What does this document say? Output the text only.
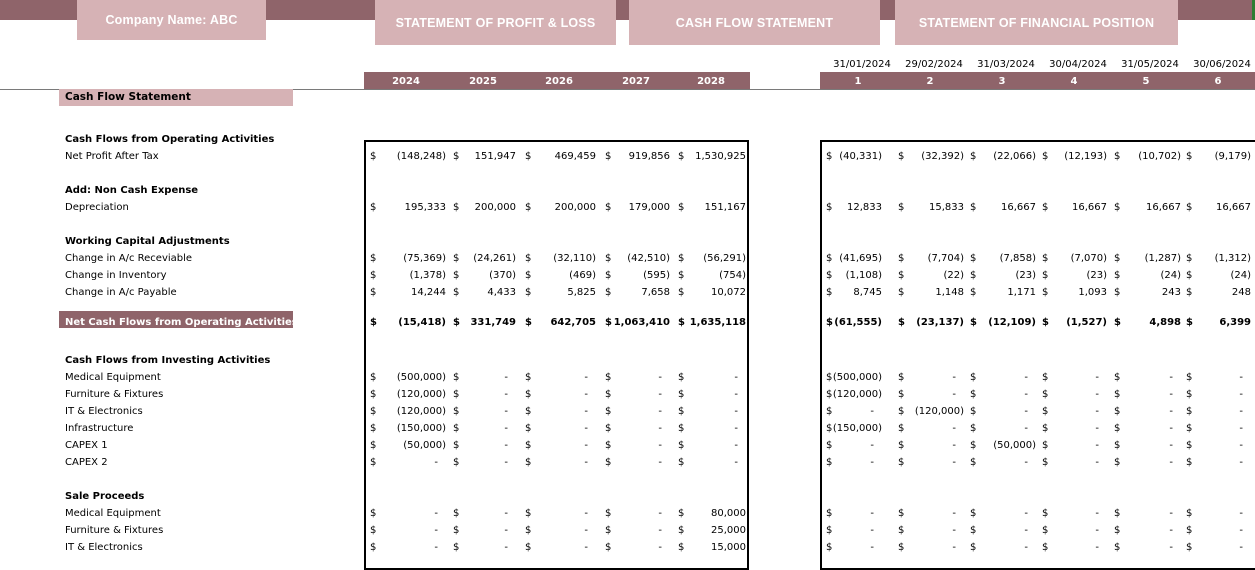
Company Name: ABC	STATEMENT OF PROFIT & LOSS	CASH FLOW STATEMENT	STATEMENT OF FINANCIAL POSITION
31/01/2024	29/02/2024	31/03/2024	30/04/2024	31/05/2024	30/06/2024
2024	2025	2026	2027	2028	1	2	3	4	5	6
Cash Flow Statement
Cash Flows from Operating Activities
Net Profit After Tax	$ (148,248) $ 151,947 $ 469,459 $ 919,856 $ 1,530,925	$ (40,331) $ (32,392) $ (22,066) $ (12,193) $ (10,702) $ (9,179)
Add: Non Cash Expense
Depreciation	$	195,333 $ 200,000 $ 200,000 $ 179,000 $ 151,167	$ 12,833 $ 15,833 $ 16,667 $ 16,667 $	16,667 $ 16,667
Working Capital Adjustments
Change in A/c Receviable	$	(75,369) $ (24,261) $ (32,110) $ (42,510) $ (56,291)	$ (41,695) $ (7,704) $ (7,858) $ (7,070) $ (1,287) $ (1,312)
Change in Inventory	$	(1,378) $	(370) $	(469) $	(595) $	(754)	$ (1,108) $	(22) $	(23) $	(23) $	(24) $	(24)
Change in A/c Payable	$	14,244 $	4,433 $	5,825 $	7,658 $	10,072	$ 8,745 $	1,148 $	1,171 $	1,093 $	243 $	248
Net Cash Flows from Operating Activities	$ (15,418) $ 331,749 $ 642,705 $ 1,063,410 $ 1,635,118	$ (61,555) $ (23,137) $ (12,109) $ (1,527) $	4,898 $	6,399
Cash Flows from Investing Activities
Medical Equipment	$ (500,000) $	- $	- $	- $	-	$ (500,000) $	- $	- $	- $	- $	-
Furniture & Fixtures	$ (120,000) $	- $	- $	- $	-	$ (120,000) $	- $	- $	- $	- $	-
IT & Electronics	$ (120,000) $	- $	- $	- $	-	$	- $ (120,000) $	- $	- $	- $	-
Infrastructure	$ (150,000) $	- $	- $	- $	-	$ (150,000) $	- $	- $	- $	- $	-
CAPEX 1	$	(50,000) $	- $	- $	- $	-	$	- $	- $ (50,000) $	- $	- $	-
CAPEX 2	$	- $	- $	- $	- $	-	$	- $	- $	- $	- $	- $	-
Sale Proceeds
Medical Equipment	$	- $	- $	- $	- $	80,000	$	- $	- $	- $	- $	- $	-
Furniture & Fixtures	$	- $	- $	- $	- $	25,000	$	- $	- $	- $	- $	- $	-
IT & Electronics	$	- $	- $	- $	- $	15,000	$	- $	- $	- $	- $	- $	-
